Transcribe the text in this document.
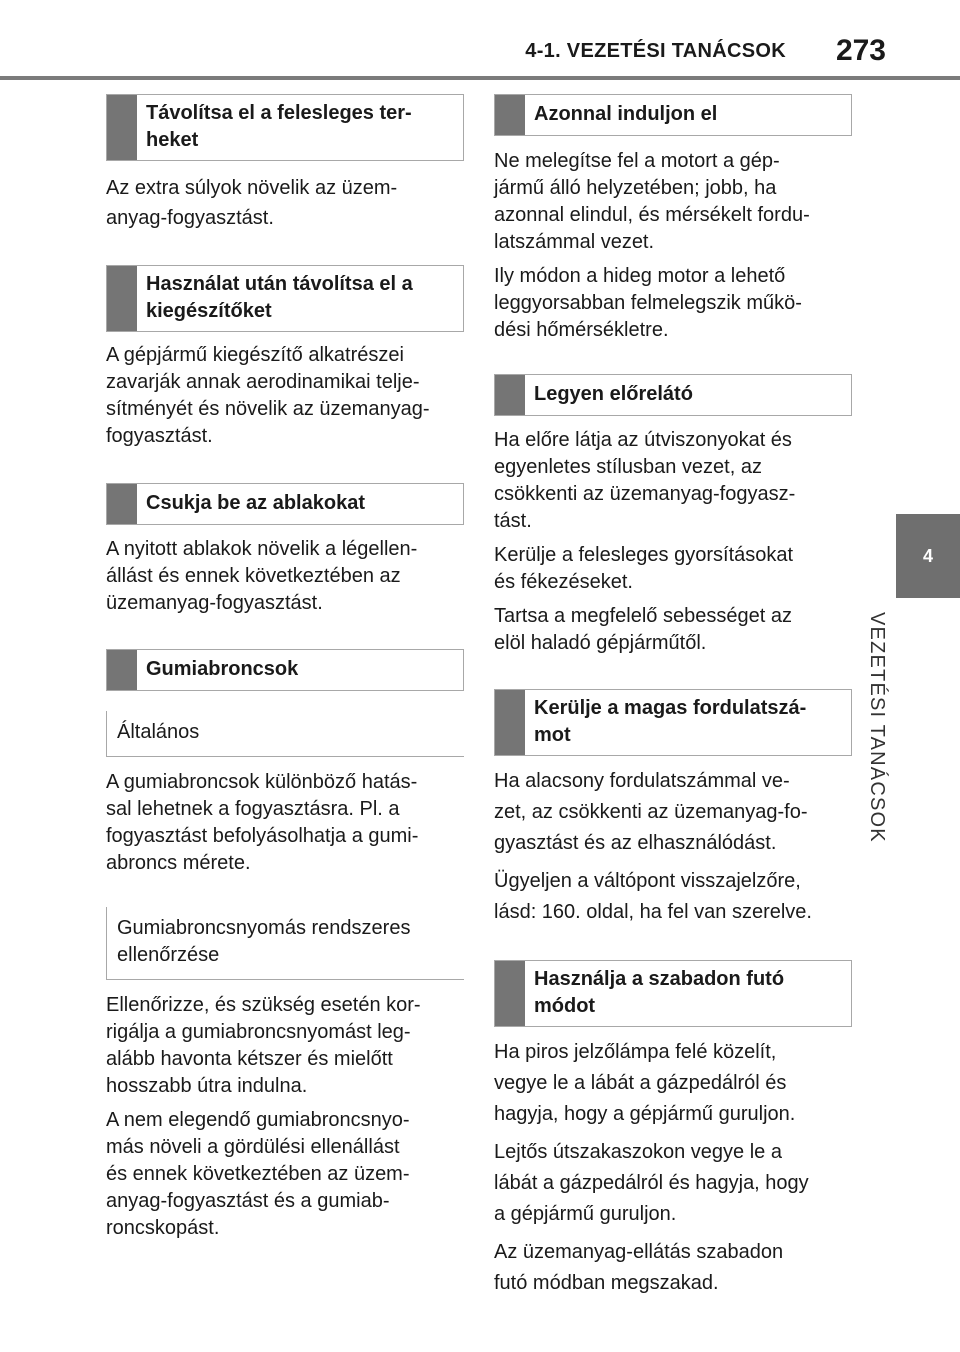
4-1. VEZETÉSI TANÁCSOK	273
4
VEZETÉSI TANÁCSOK
Távolítsa el a felesleges ter-heket

Az extra súlyok növelik az üzem-
anyag-fogyasztást.

Használat után távolítsa el a kiegészítőket

A gépjármű kiegészítő alkatrészei
zavarják annak aerodinamikai telje-
sítményét és növelik az üzemanyag-
fogyasztást.

Csukja be az ablakokat

A nyitott ablakok növelik a légellen-
állást és ennek következtében az
üzemanyag-fogyasztást.

Gumiabroncsok
Általános

A gumiabroncsok különböző hatás-
sal lehetnek a fogyasztásra. Pl. a
fogyasztást befolyásolhatja a gumi-
abroncs mérete.

Gumiabroncsnyomás rendszeres ellenőrzése

Ellenőrizze, és szükség esetén kor-
rigálja a gumiabroncsnyomást leg-
alább havonta kétszer és mielőtt
hosszabb útra indulna.

A nem elegendő gumiabroncsnyo-
más növeli a gördülési ellenállást
és ennek következtében az üzem-
anyag-fogyasztást és a gumiab-
roncskopást.

Azonnal induljon el

Ne melegítse fel a motort a gép-
jármű álló helyzetében; jobb, ha
azonnal elindul, és mérsékelt fordu-
latszámmal vezet.

Ily módon a hideg motor a lehető
leggyorsabban felmelegszik műkö-
dési hőmérsékletre.

Legyen előrelátó

Ha előre látja az útviszonyokat és
egyenletes stílusban vezet, az
csökkenti az üzemanyag-fogyasz-
tást.

Kerülje a felesleges gyorsításokat
és fékezéseket.

Tartsa a megfelelő sebességet az
elöl haladó gépjárműtől.

Kerülje a magas fordulatszá-mot

Ha alacsony fordulatszámmal ve-
zet, az csökkenti az üzemanyag-fo-
gyasztást és az elhasználódást.

Ügyeljen a váltópont visszajelzőre,
lásd: 160. oldal, ha fel van szerelve.

Használja a szabadon futó módot

Ha piros jelzőlámpa felé közelít,
vegye le a lábát a gázpedálról és
hagyja, hogy a gépjármű guruljon.

Lejtős útszakaszokon vegye le a
lábát a gázpedálról és hagyja, hogy
a gépjármű guruljon.

Az üzemanyag-ellátás szabadon
futó módban megszakad.
